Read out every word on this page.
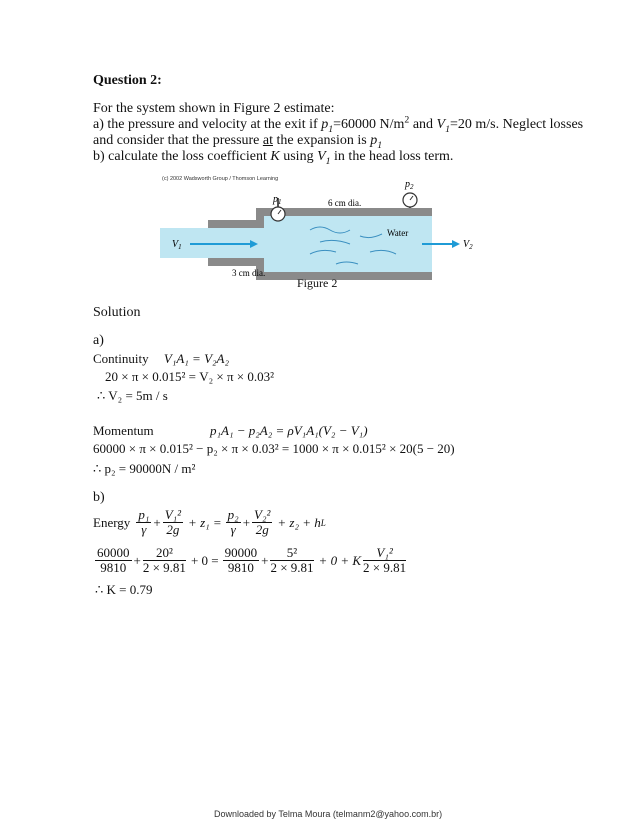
Question 2:
For the system shown in Figure 2 estimate:
a) the pressure and velocity at the exit if $p_1=60000$ $N/m^2$ and $V_1=20$ m/s. Neglect losses
and consider that the pressure at the expansion is $p_1$
b) calculate the loss coefficient K using $V_1$ in the head loss term.
(c) 2002 Wadsworth Group / Thomson Learning
$p_1$
$p_2$
6 cm dia.
3 cm dia.
Water
$V_1$	$V_2$
Figure 2
Solution
a)
Continuity V₁A₁ = V₂A₂
20 × π × 0.015² = V₂ × π × 0.03²
∴ V₂ = 5m / s
Momentum	p₁A₁ − p₂A₂ = ρV₁A₁(V₂ − V₁)
60000 × π × 0.015² − p₂ × π × 0.03² = 1000 × π × 0.015² × 20(5 − 20)
∴ p₂ = 90000N / m²
b)
Energy $\frac{\text{p₁}}{\gamma} + \frac{\text{V₁²}}{2g} + z_1 = \frac{\text{p₂}}{\gamma} + \frac{\text{V₂²}}{2g} + z_2 + h$ L
$\frac{60000}{9810} + \frac{\text{20²}}{2 \times 9.81} + 0 = \frac{90000}{9810} + \frac{\text{5²}}{2 \times 9.81} + 0 + K \frac{\text{V₁²}}{2 \times 9.81}$
∴ K = 0.79
Downloaded by Telma Moura (telmanm2@yahoo.com.br)
